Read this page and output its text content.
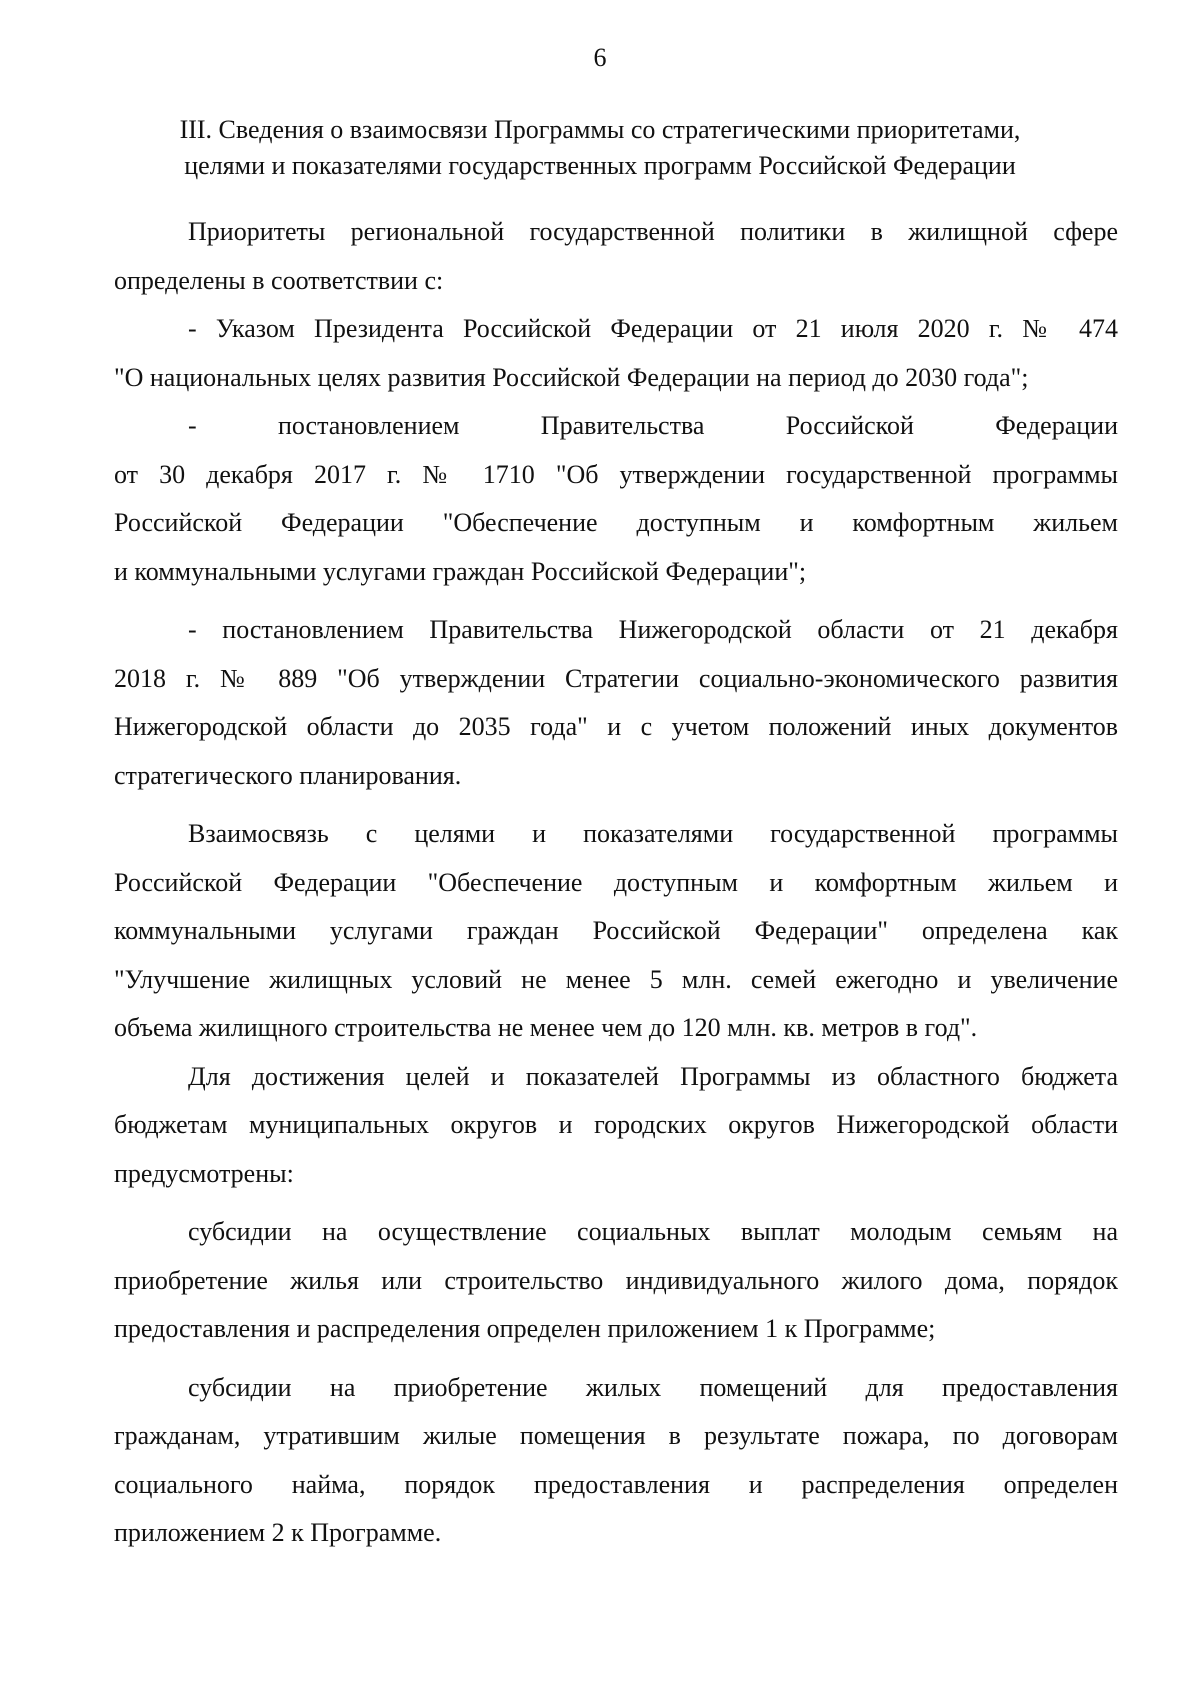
6
III. Сведения о взаимосвязи Программы со стратегическими приоритетами,
целями и показателями государственных программ Российской Федерации
Приоритеты региональной государственной политики в жилищной сфере
определены в соответствии с:
- Указом Президента Российской Федерации от 21 июля 2020 г. № 474
"О национальных целях развития Российской Федерации на период до 2030 года";
- постановлением Правительства Российской Федерации
от 30 декабря 2017 г. № 1710 "Об утверждении государственной программы
Российской Федерации "Обеспечение доступным и комфортным жильем
и коммунальными услугами граждан Российской Федерации";
- постановлением Правительства Нижегородской области от 21 декабря
2018 г. № 889 "Об утверждении Стратегии социально-экономического развития
Нижегородской области до 2035 года" и с учетом положений иных документов
стратегического планирования.
Взаимосвязь с целями и показателями государственной программы
Российской Федерации "Обеспечение доступным и комфортным жильем и
коммунальными услугами граждан Российской Федерации" определена как
"Улучшение жилищных условий не менее 5 млн. семей ежегодно и увеличение
объема жилищного строительства не менее чем до 120 млн. кв. метров в год".
Для достижения целей и показателей Программы из областного бюджета
бюджетам муниципальных округов и городских округов Нижегородской области
предусмотрены:
субсидии на осуществление социальных выплат молодым семьям на
приобретение жилья или строительство индивидуального жилого дома, порядок
предоставления и распределения определен приложением 1 к Программе;
субсидии на приобретение жилых помещений для предоставления
гражданам, утратившим жилые помещения в результате пожара, по договорам
социального найма, порядок предоставления и распределения определен
приложением 2 к Программе.
